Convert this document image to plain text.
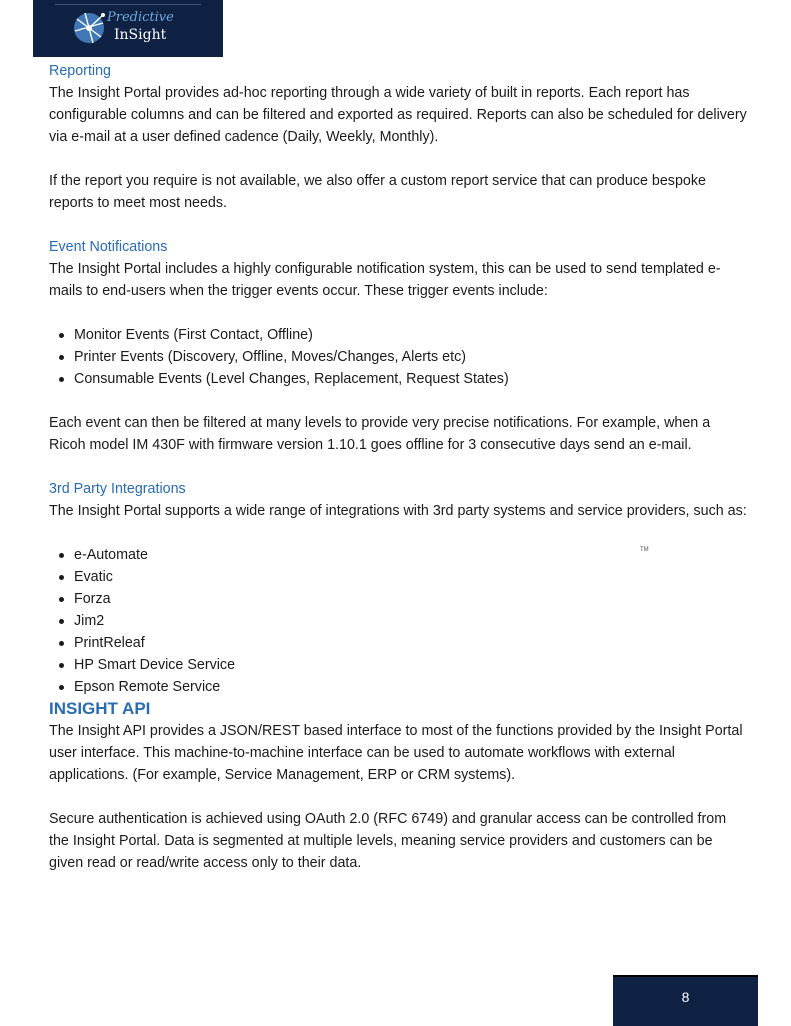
Predictive
InSight

Reporting

The Insight Portal provides ad-hoc reporting through a wide variety of built in reports. Each report has configurable columns and can be filtered and exported as required. Reports can also be scheduled for delivery via e-mail at a user defined cadence (Daily, Weekly, Monthly).

If the report you require is not available, we also offer a custom report service that can produce bespoke reports to meet most needs.

Event Notifications

The Insight Portal includes a highly configurable notification system, this can be used to send templated e-mails to end-users when the trigger events occur. These trigger events include:

Monitor Events (First Contact, Offline)
Printer Events (Discovery, Offline, Moves/Changes, Alerts etc)
Consumable Events (Level Changes, Replacement, Request States)

Each event can then be filtered at many levels to provide very precise notifications. For example, when a Ricoh model IM 430F with firmware version 1.10.1 goes offline for 3 consecutive days send an e-mail.

3rd Party Integrations

The Insight Portal supports a wide range of integrations with 3rd party systems and service providers, such as:

e-Automate
Evatic
Forza
Jim2
PrintReleaf
HP Smart Device Service
Epson Remote Service

INSIGHT API

The Insight API provides a JSON/REST based interface to most of the functions provided by the Insight Portal user interface. This machine-to-machine interface can be used to automate workflows with external applications. (For example, Service Management, ERP or CRM systems).

Secure authentication is achieved using OAuth 2.0 (RFC 6749) and granular access can be controlled from the Insight Portal. Data is segmented at multiple levels, meaning service providers and customers can be given read or read/write access only to their data.

TM
8
